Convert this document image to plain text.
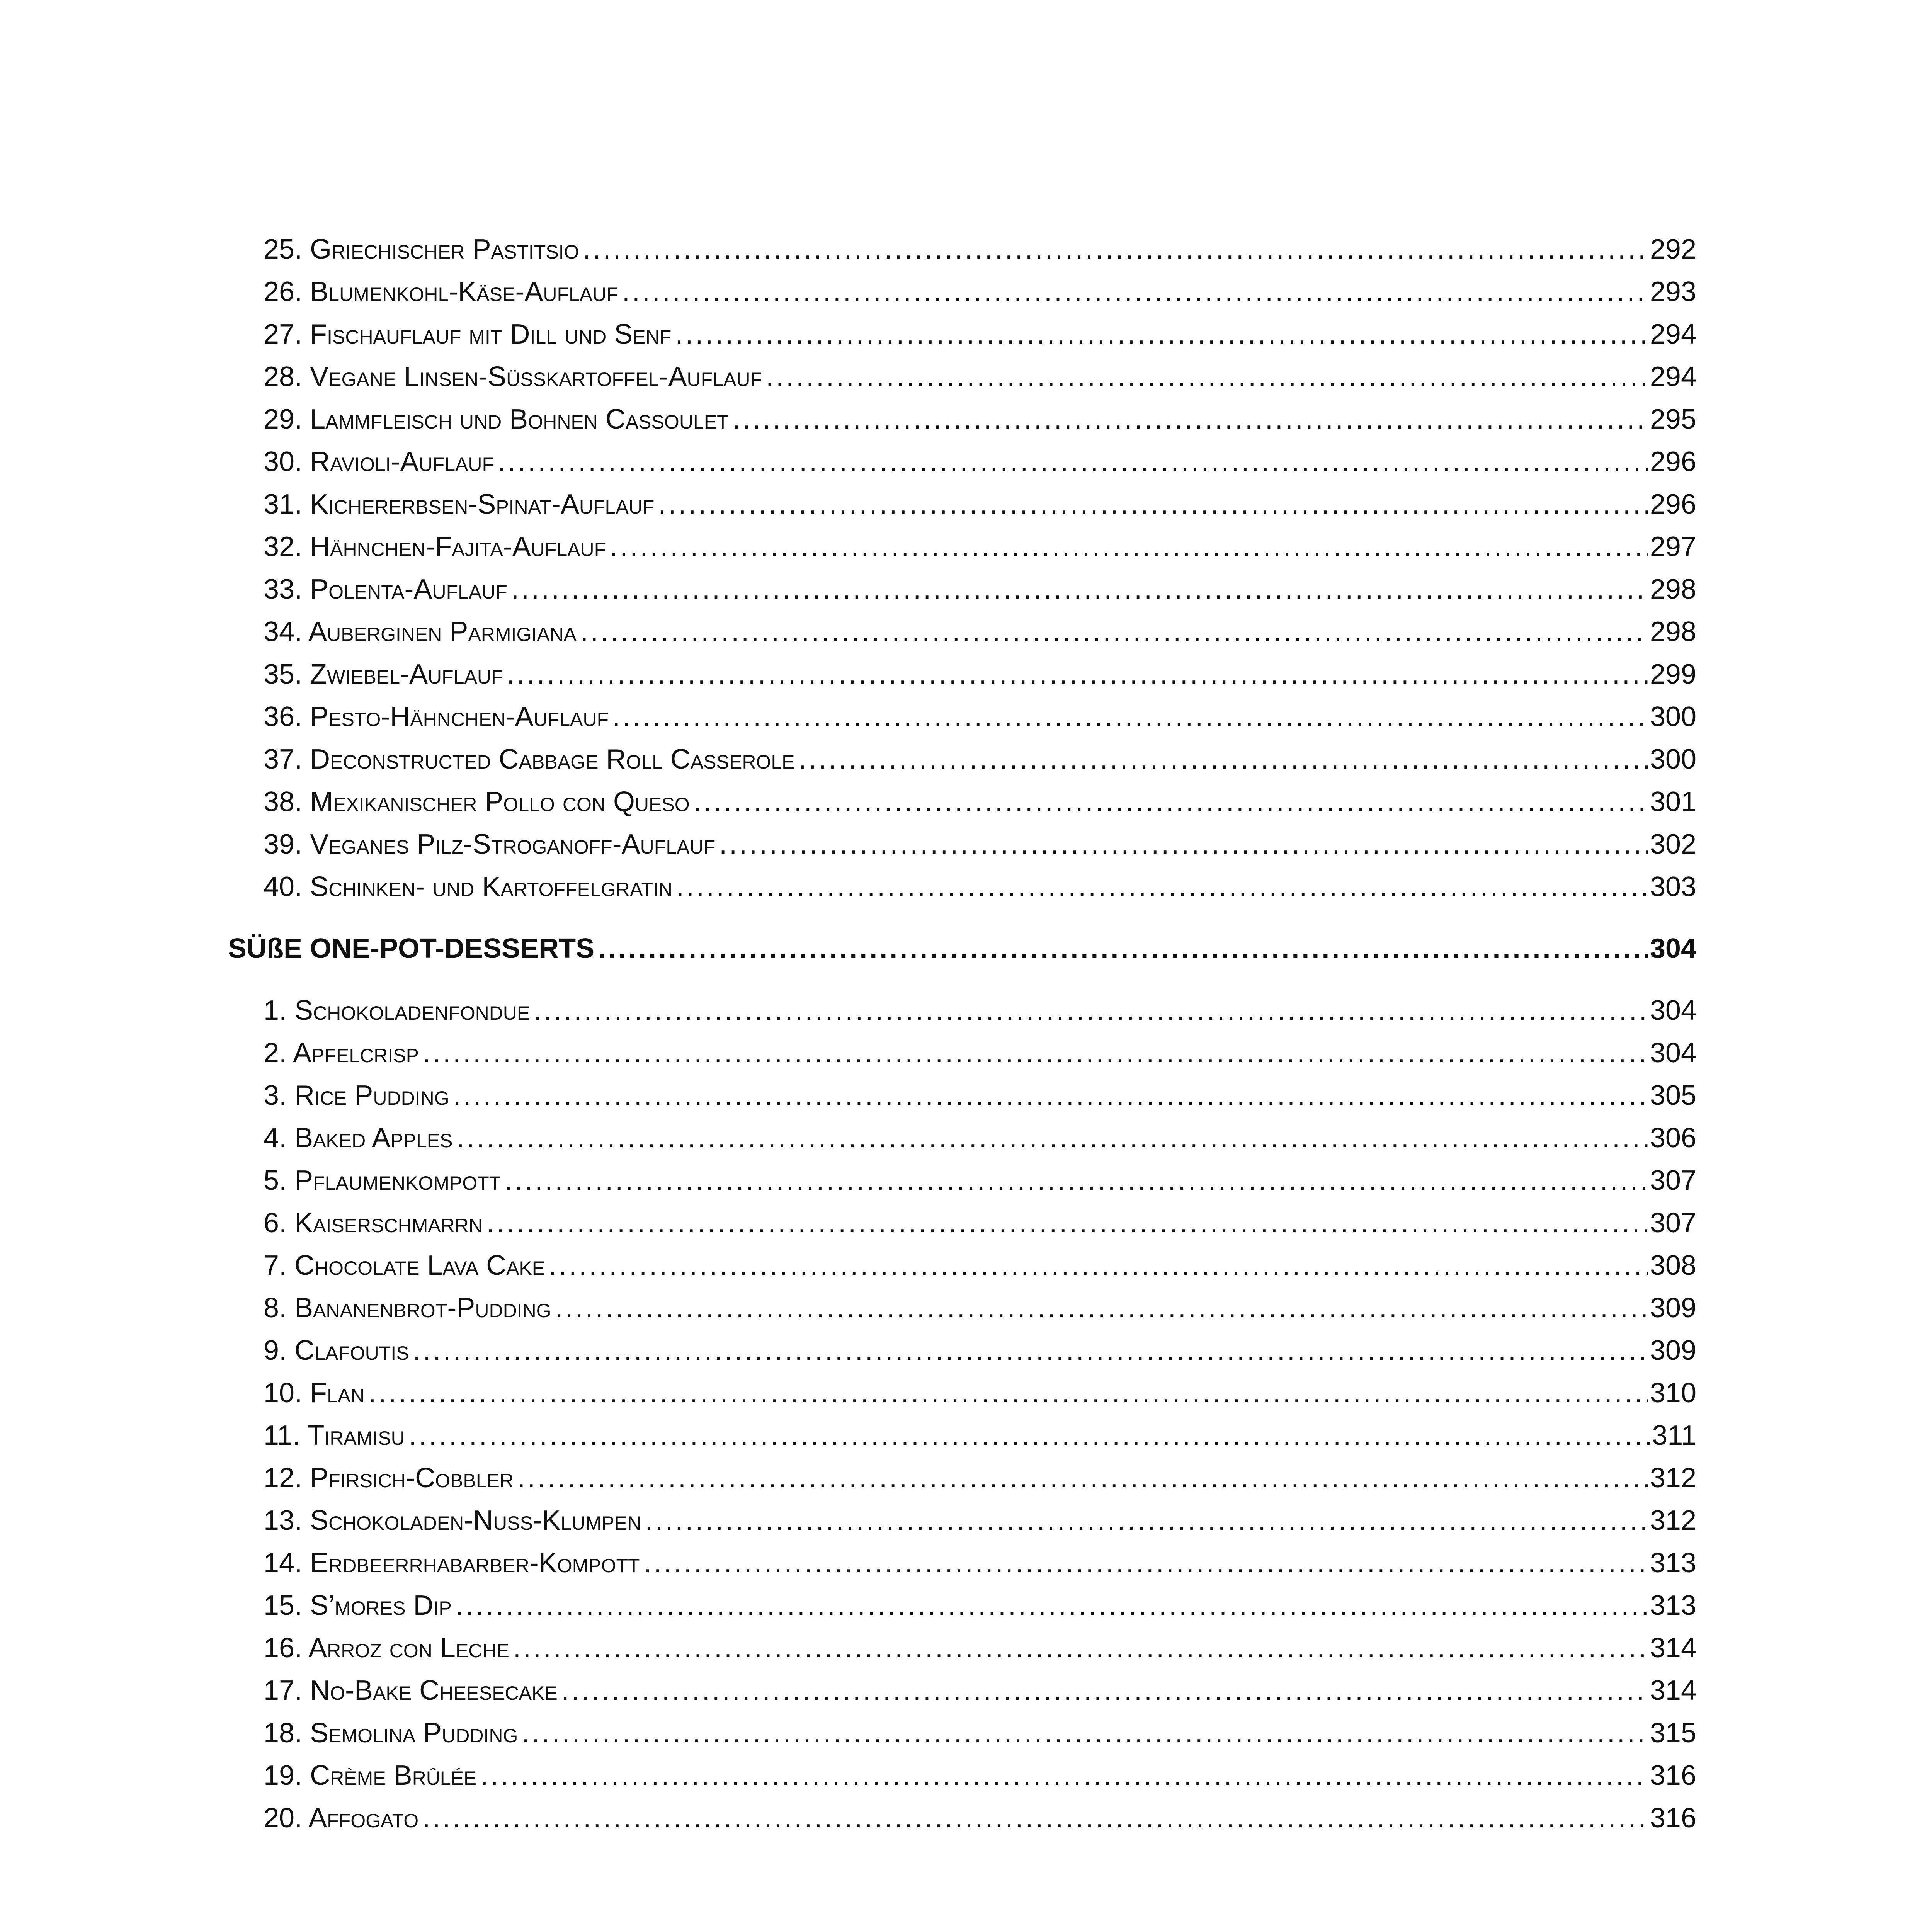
25. Griechischer Pastitsio .....	292
26. Blumenkohl-Käse-Auflauf .....	293
27. Fischauflauf mit Dill und Senf .....	294
28. Vegane Linsen-Süßkartoffel-Auflauf .....	294
29. Lammfleisch und Bohnen Cassoulet .....	295
30. Ravioli-Auflauf .....	296
31. Kichererbsen-Spinat-Auflauf .....	296
32. Hähnchen-Fajita-Auflauf .....	297
33. Polenta-Auflauf .....	298
34. Auberginen Parmigiana .....	298
35. Zwiebel-Auflauf .....	299
36. Pesto-Hähnchen-Auflauf .....	300
37. Deconstructed Cabbage Roll Casserole .....	300
38. Mexikanischer Pollo con Queso .....	301
39. Veganes Pilz-Stroganoff-Auflauf .....	302
40. Schinken- und Kartoffelgratin .....	303
SÜßE ONE-POT-DESSERTS .....	304
1. Schokoladenfondue .....	304
2. Apfelcrisp .....	304
3. Rice Pudding .....	305
4. Baked Apples .....	306
5. Pflaumenkompott .....	307
6. Kaiserschmarrn .....	307
7. Chocolate Lava Cake .....	308
8. Bananenbrot-Pudding .....	309
9. Clafoutis .....	309
10. Flan .....	310
11. Tiramisu .....	311
12. Pfirsich-Cobbler .....	312
13. Schokoladen-Nuss-Klumpen .....	312
14. Erdbeerrhabarber-Kompott .....	313
15. S’mores Dip .....	313
16. Arroz con Leche .....	314
17. No-Bake Cheesecake .....	314
18. Semolina Pudding .....	315
19. Crème Brûlée .....	316
20. Affogato .....	316
